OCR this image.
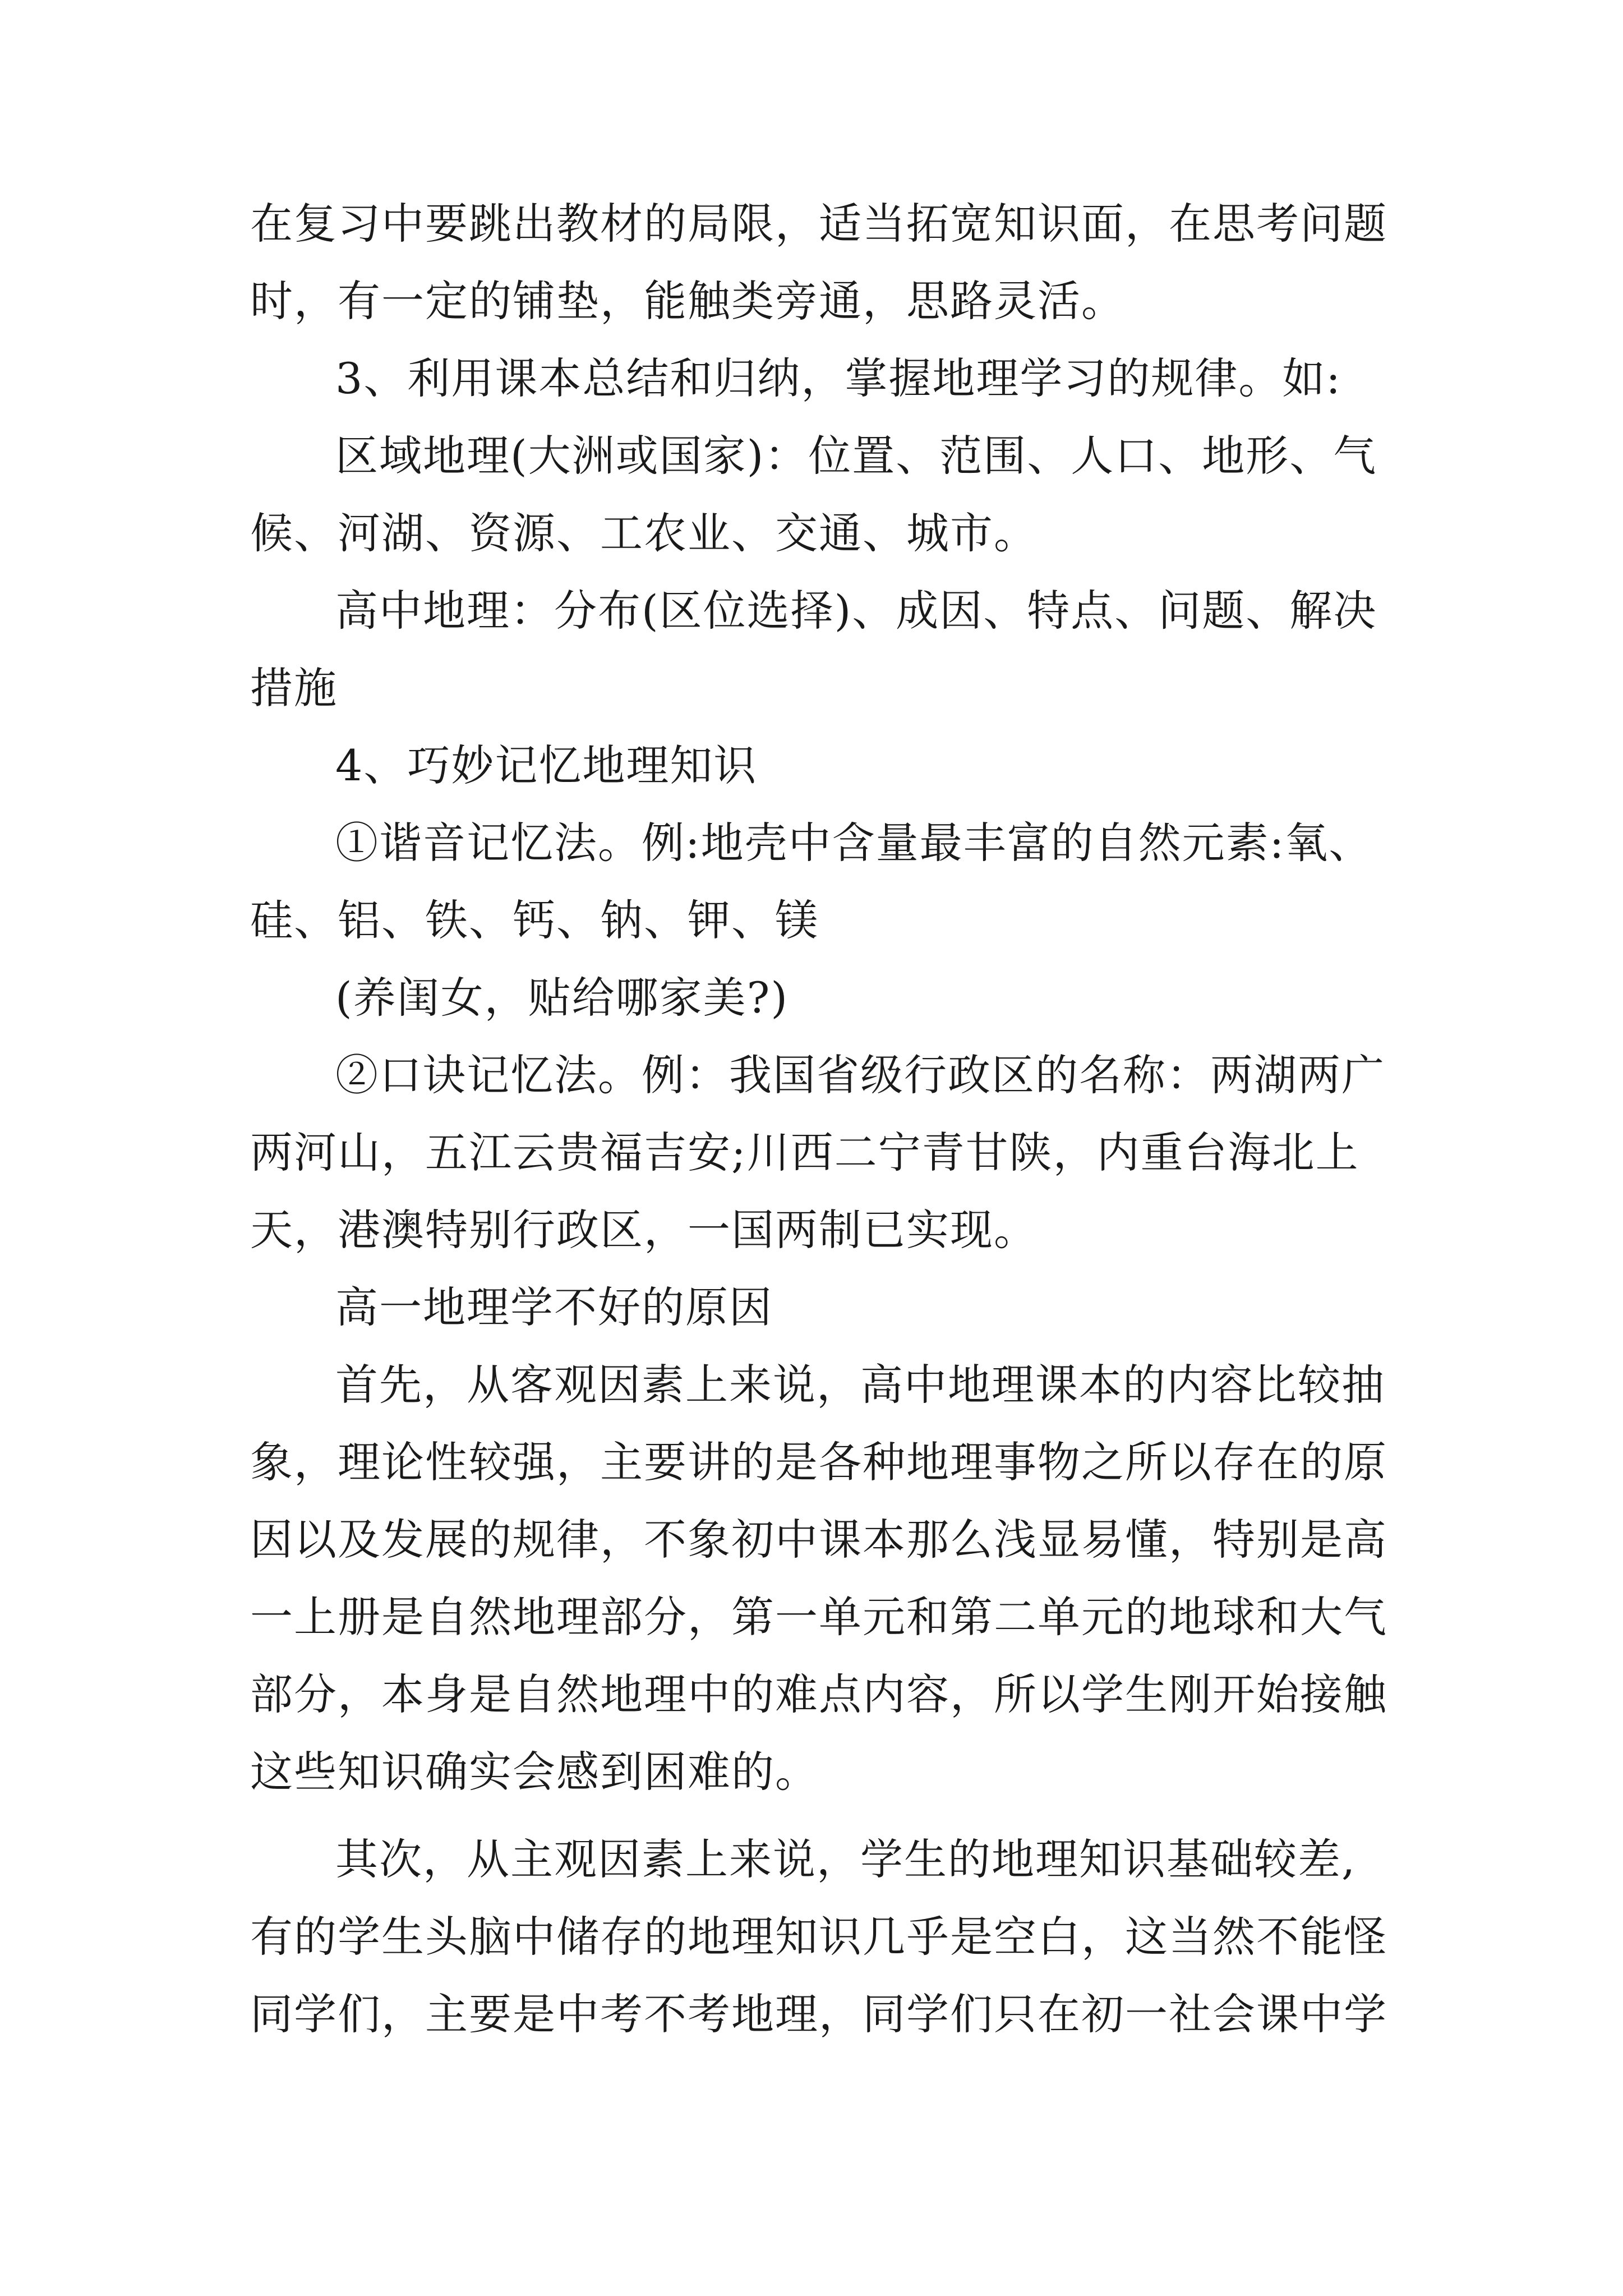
在复习中要跳出教材的局限，适当拓宽知识面，在思考问题
时，有一定的铺垫，能触类旁通，思路灵活。
3、利用课本总结和归纳，掌握地理学习的规律。如:
区域地理(大洲或国家)：位置、范围、人口、地形、气
候、河湖、资源、工农业、交通、城市。
高中地理：分布(区位选择)、成因、特点、问题、解决
措施
4、巧妙记忆地理知识
①谐音记忆法。例:地壳中含量最丰富的自然元素:氧、
硅、铝、铁、钙、钠、钾、镁
(养闺女，贴给哪家美?)
②口诀记忆法。例：我国省级行政区的名称：两湖两广
两河山，五江云贵福吉安;川西二宁青甘陕，内重台海北上
天，港澳特别行政区，一国两制已实现。
高一地理学不好的原因
首先，从客观因素上来说，高中地理课本的内容比较抽
象，理论性较强，主要讲的是各种地理事物之所以存在的原
因以及发展的规律，不象初中课本那么浅显易懂，特别是高
一上册是自然地理部分，第一单元和第二单元的地球和大气
部分，本身是自然地理中的难点内容，所以学生刚开始接触
这些知识确实会感到困难的。
其次，从主观因素上来说，学生的地理知识基础较差,
有的学生头脑中储存的地理知识几乎是空白，这当然不能怪
同学们，主要是中考不考地理，同学们只在初一社会课中学
